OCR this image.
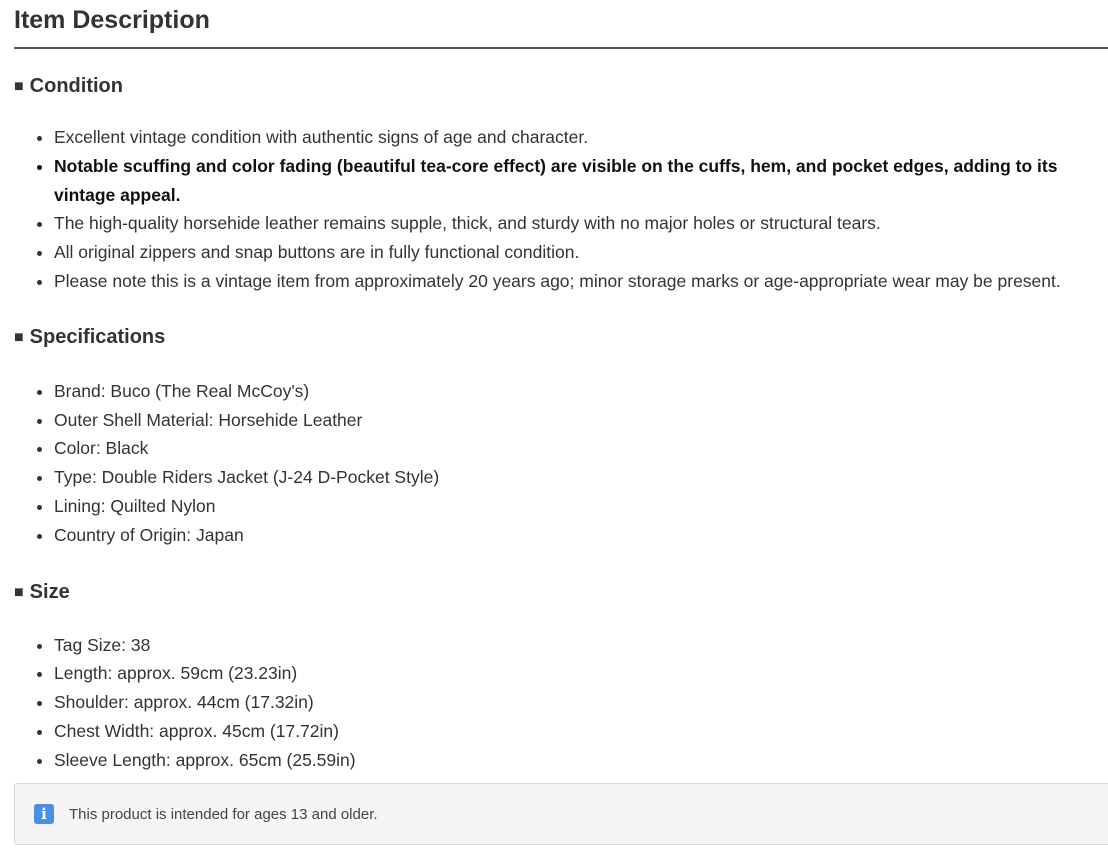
Item Description
■ Condition
• Excellent vintage condition with authentic signs of age and character.
• Notable scuffing and color fading (beautiful tea-core effect) are visible on the cuffs, hem, and pocket edges, adding to its vintage appeal.
• The high-quality horsehide leather remains supple, thick, and sturdy with no major holes or structural tears.
• All original zippers and snap buttons are in fully functional condition.
• Please note this is a vintage item from approximately 20 years ago; minor storage marks or age-appropriate wear may be present.
■ Specifications
• Brand: Buco (The Real McCoy's)
• Outer Shell Material: Horsehide Leather
• Color: Black
• Type: Double Riders Jacket (J-24 D-Pocket Style)
• Lining: Quilted Nylon
• Country of Origin: Japan
■ Size
• Tag Size: 38
• Length: approx. 59cm (23.23in)
• Shoulder: approx. 44cm (17.32in)
• Chest Width: approx. 45cm (17.72in)
• Sleeve Length: approx. 65cm (25.59in)
i	This product is intended for ages 13 and older.
